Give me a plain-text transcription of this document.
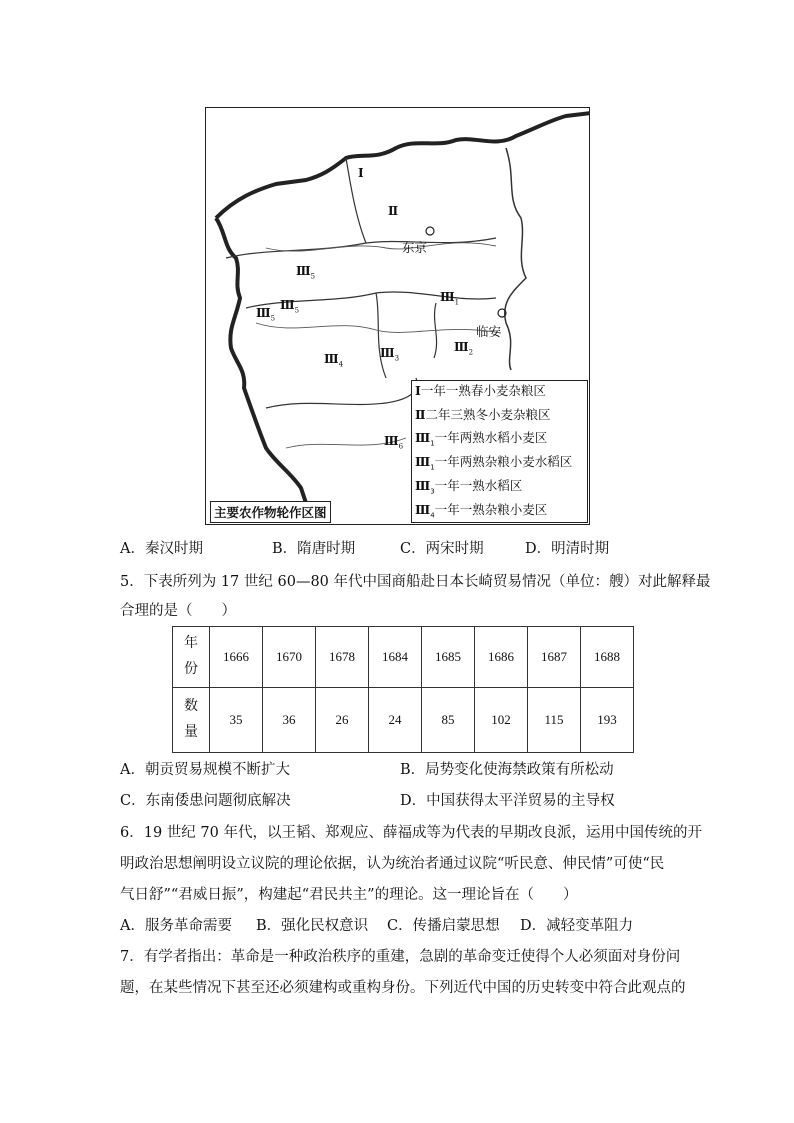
Ⅰ
Ⅱ
$Ⅲ_1$
$Ⅲ_2$
$Ⅲ_3$
$Ⅲ_4$
$Ⅲ_5$
$Ⅲ_5$
$Ⅲ_6$
$Ⅲ_5$
东京
临安
Ⅰ一年一熟春小麦杂粮区
Ⅱ二年三熟冬小麦杂粮区
$Ⅲ_1$一年两熟水稻小麦区
$Ⅲ_1$一年两熟杂粮小麦水稻区
$Ⅲ_3$一年一熟水稻区
$Ⅲ_4$一年一熟杂粮小麦区
主要农作物轮作区图
A．秦汉时期	B．隋唐时期	C．两宋时期	D．明清时期
5．下表所列为 17 世纪 60—80 年代中国商船赴日本长崎贸易情况（单位：艘）对此解释最
合理的是（　　）
年
份	1666	1670	1678	1684	1685	1686	1687	1688
数
量	35	36	26	24	85	102	115	193
A．朝贡贸易规模不断扩大	B．局势变化使海禁政策有所松动
C．东南倭患问题彻底解决	D．中国获得太平洋贸易的主导权
6．19 世纪 70 年代，以王韬、郑观应、薛福成等为代表的早期改良派，运用中国传统的开
明政治思想阐明设立议院的理论依据，认为统治者通过议院“听民意、伸民情”可使“民
气日舒”“君威日振”，构建起“君民共主”的理论。这一理论旨在（　　）
A．服务革命需要 B．强化民权意识 C．传播启蒙思想 D．减轻变革阻力
7．有学者指出：革命是一种政治秩序的重建，急剧的革命变迁使得个人必须面对身份问
题，在某些情况下甚至还必须建构或重构身份。下列近代中国的历史转变中符合此观点的
